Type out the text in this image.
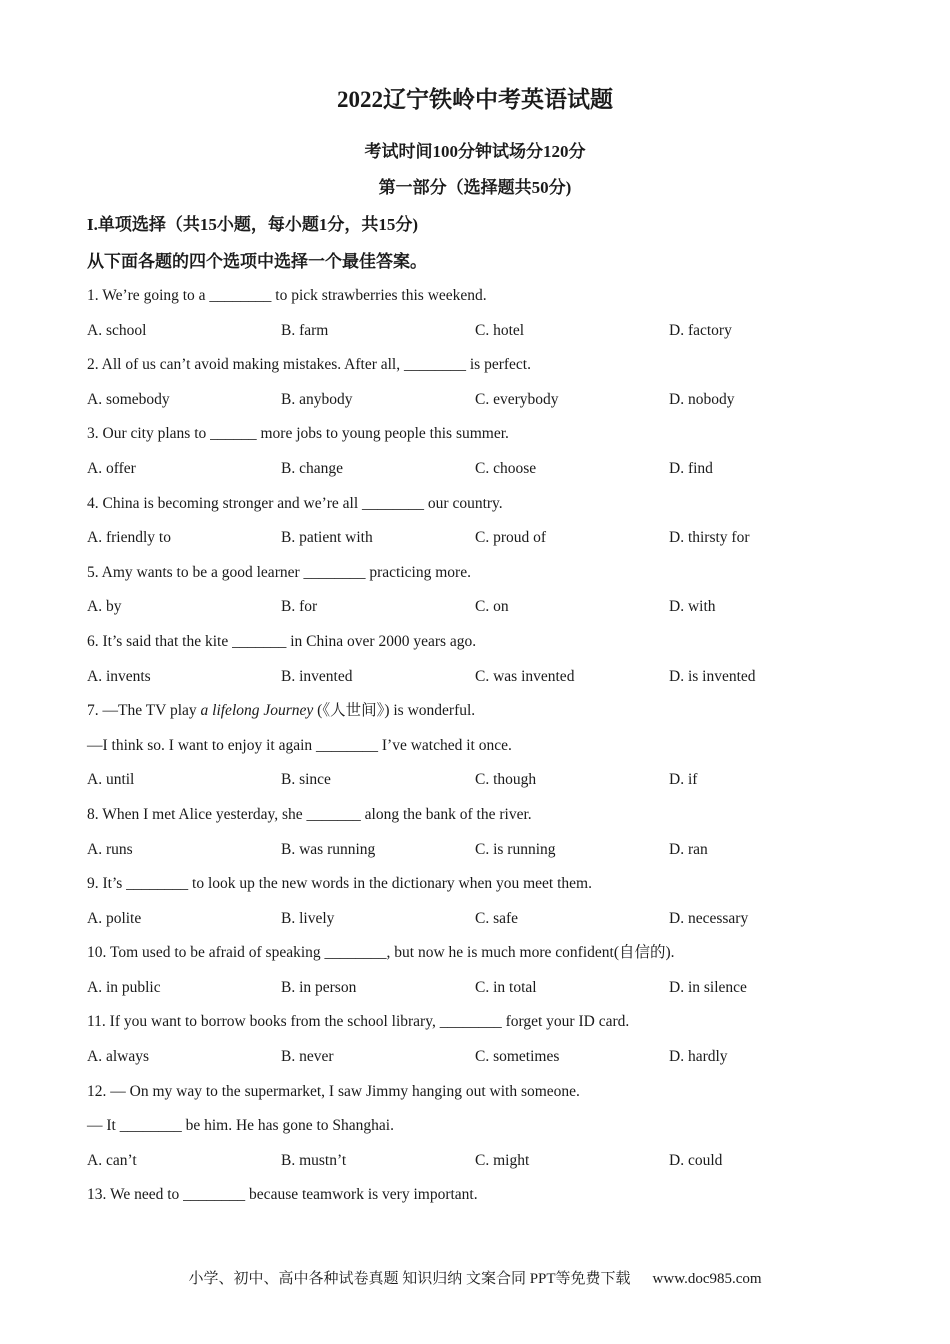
2022辽宁铁岭中考英语试题

考试时间100分钟试场分120分

第一部分（选择题共50分)

I.单项选择（共15小题，每小题1分，共15分)

从下面各题的四个选项中选择一个最佳答案。

1. We’re going to a ________ to pick strawberries this weekend.
A. school	B. farm	C. hotel	D. factory
2. All of us can’t avoid making mistakes. After all, ________ is perfect.
A. somebody	B. anybody	C. everybody	D. nobody
3. Our city plans to ______ more jobs to young people this summer.
A. offer	B. change	C. choose	D. find
4. China is becoming stronger and we’re all ________ our country.
A. friendly to	B. patient with	C. proud of	D. thirsty for
5. Amy wants to be a good learner ________ practicing more.
A. by	B. for	C. on	D. with
6. It’s said that the kite _______ in China over 2000 years ago.
A. invents	B. invented	C. was invented	D. is invented
7. —The TV play a lifelong Journey (《人世间》) is wonderful.
—I think so. I want to enjoy it again ________ I’ve watched it once.
A. until	B. since	C. though	D. if
8. When I met Alice yesterday, she _______ along the bank of the river.
A. runs	B. was running	C. is running	D. ran
9. It’s ________ to look up the new words in the dictionary when you meet them.
A. polite	B. lively	C. safe	D. necessary
10. Tom used to be afraid of speaking ________, but now he is much more confident(自信的).
A. in public	B. in person	C. in total	D. in silence
11. If you want to borrow books from the school library, ________ forget your ID card.
A. always	B. never	C. sometimes	D. hardly
12. — On my way to the supermarket, I saw Jimmy hanging out with someone.
— It ________ be him. He has gone to Shanghai.
A. can’t	B. mustn’t	C. might	D. could
13. We need to ________ because teamwork is very important.
小学、初中、高中各种试卷真题 知识归纳 文案合同 PPT等免费下载 www.doc985.com
